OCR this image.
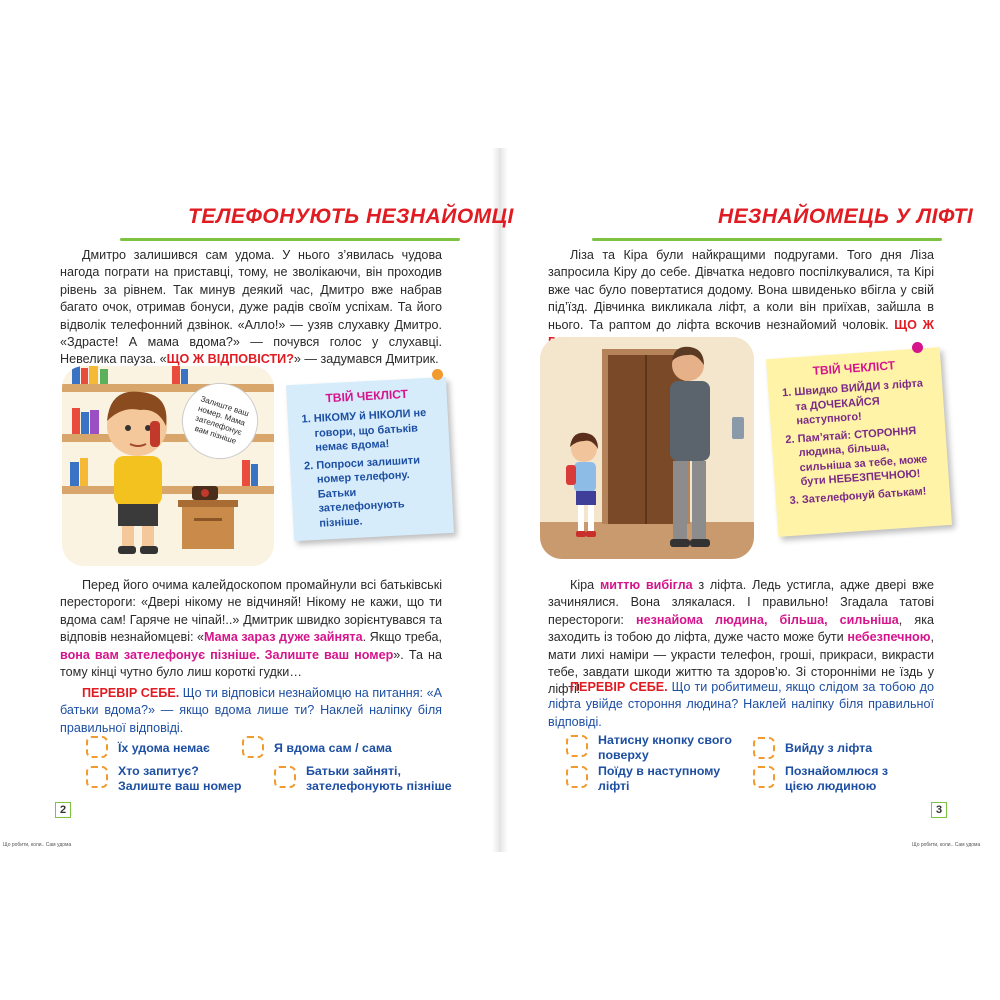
ТЕЛЕФОНУЮТЬ НЕЗНАЙОМЦІ

Дмитро залишився сам удома. У нього з’явилась чудова нагода пограти на приставці, тому, не зволікаючи, він проходив рівень за рівнем. Так минув деякий час, Дмитро вже набрав багато очок, отримав бонуси, дуже радів своїм успіхам. Та його відволік телефонний дзвінок. «Алло!» — узяв слухавку Дмитро. «Здрасте! А мама вдома?» — почувся голос у слухавці. Невелика пауза. «ЩО Ж ВІДПОВІСТИ?» — задумався Дмитрик.

Залиште ваш номер. Мама зателефонує вам пізніше
ТВІЙ ЧЕКЛІСТ
1. НІКОМУ й НІКОЛИ не говори, що батьків немає вдома!
2. Попроси залишити номер телефону. Батьки зателефонують пізніше.

Перед його очима калейдоскопом промайнули всі батьківські перестороги: «Двері нікому не відчиняй! Нікому не кажи, що ти вдома сам! Гаряче не чіпай!..» Дмитрик швидко зорієнтувався та відповів незнайомцеві: «Мама зараз дуже зайнята. Якщо треба, вона вам зателефонує пізніше. Залиште ваш номер». Та на тому кінці чутно було лиш короткі гудки…

ПЕРЕВІР СЕБЕ. Що ти відповіси незнайомцю на питання: «А батьки вдома?» — якщо вдома лише ти? Наклей наліпку біля правильної відповіді.

Їх удома немає	Я вдома сам / сама
Хто запитує? Залиште ваш номер
Батьки зайняті, зателефонують пізніше
2
Що робити, коли.. Сам удома
НЕЗНАЙОМЕЦЬ У ЛІФТІ

Ліза та Кіра були найкращими подругами. Того дня Ліза запросила Кіру до себе. Дівчатка недовго поспілкувалися, та Кірі вже час було повертатися додому. Вона швиденько вбігла у свій під’їзд. Дівчинка викликала ліфт, а коли він приїхав, зайшла в нього. Та раптом до ліфта вскочив незнайомий чоловік. ЩО Ж

ТВІЙ ЧЕКЛІСТ
1. Швидко ВИЙДИ з ліфта та ДОЧЕКАЙСЯ наступного!
2. Пам’ятай: СТОРОННЯ людина, більша, сильніша за тебе, може бути НЕБЕЗПЕЧНОЮ!
3. Зателефонуй батькам!

Кіра миттю вибігла з ліфта. Ледь устигла, адже двері вже зачинялися. Вона злякалася. І правильно! Згадала татові перестороги: незнайома людина, більша, сильніша, яка заходить із тобою до ліфта, дуже часто може бути небезпечною, мати лихі наміри — украсти телефон, гроші, прикраси, викрасти тебе, завдати шкоди життю та здоров’ю. Зі сторонніми не їздь у ліфті!

ПЕРЕВІР СЕБЕ. Що ти робитимеш, якщо слідом за тобою до ліфта увійде стороння людина? Наклей наліпку біля правильної відповіді.

Натисну кнопку свого поверху	Вийду з ліфта
Поїду в наступному ліфті
Познайомлюся з цією людиною
3
Що робити, коли.. Сам удома
